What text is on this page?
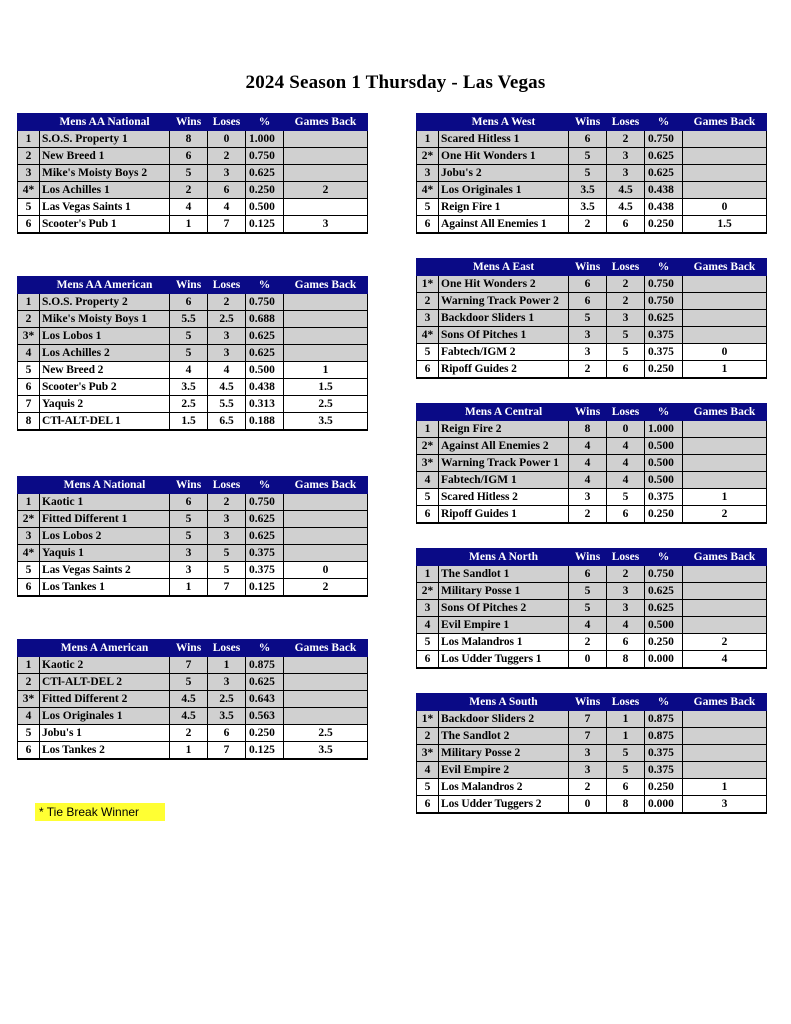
2024 Season 1 Thursday - Las Vegas
	Mens AA National	Wins	Loses	%	Games Back
1	S.O.S. Property 1	8	0	1.000	
2	New Breed 1	6	2	0.750	
3	Mike's Moisty Boys 2	5	3	0.625	
4*	Los Achilles 1	2	6	0.250	2
5	Las Vegas Saints 1	4	4	0.500	
6	Scooter's Pub 1	1	7	0.125	3
	Mens AA American	Wins	Loses	%	Games Back
1	S.O.S. Property 2	6	2	0.750	
2	Mike's Moisty Boys 1	5.5	2.5	0.688	
3*	Los Lobos 1	5	3	0.625	
4	Los Achilles 2	5	3	0.625	
5	New Breed 2	4	4	0.500	1
6	Scooter's Pub 2	3.5	4.5	0.438	1.5
7	Yaquis 2	2.5	5.5	0.313	2.5
8	CTl-ALT-DEL 1	1.5	6.5	0.188	3.5
	Mens A National	Wins	Loses	%	Games Back
1	Kaotic 1	6	2	0.750	
2*	Fitted Different 1	5	3	0.625	
3	Los Lobos 2	5	3	0.625	
4*	Yaquis 1	3	5	0.375	
5	Las Vegas Saints 2	3	5	0.375	0
6	Los Tankes 1	1	7	0.125	2
	Mens A American	Wins	Loses	%	Games Back
1	Kaotic 2	7	1	0.875	
2	CTl-ALT-DEL 2	5	3	0.625	
3*	Fitted Different 2	4.5	2.5	0.643	
4	Los Originales 1	4.5	3.5	0.563	
5	Jobu's 1	2	6	0.250	2.5
6	Los Tankes 2	1	7	0.125	3.5
	Mens A West	Wins	Loses	%	Games Back
1	Scared Hitless 1	6	2	0.750	
2*	One Hit Wonders 1	5	3	0.625	
3	Jobu's 2	5	3	0.625	
4*	Los Originales 1	3.5	4.5	0.438	
5	Reign Fire 1	3.5	4.5	0.438	0
6	Against All Enemies 1	2	6	0.250	1.5
	Mens A East	Wins	Loses	%	Games Back
1*	One Hit Wonders 2	6	2	0.750	
2	Warning Track Power 2	6	2	0.750	
3	Backdoor Sliders 1	5	3	0.625	
4*	Sons Of Pitches 1	3	5	0.375	
5	Fabtech/IGM 2	3	5	0.375	0
6	Ripoff Guides 2	2	6	0.250	1
	Mens A Central	Wins	Loses	%	Games Back
1	Reign Fire 2	8	0	1.000	
2*	Against All Enemies 2	4	4	0.500	
3*	Warning Track Power 1	4	4	0.500	
4	Fabtech/IGM 1	4	4	0.500	
5	Scared Hitless 2	3	5	0.375	1
6	Ripoff Guides 1	2	6	0.250	2
	Mens A North	Wins	Loses	%	Games Back
1	The Sandlot 1	6	2	0.750	
2*	Military Posse 1	5	3	0.625	
3	Sons Of Pitches 2	5	3	0.625	
4	Evil Empire 1	4	4	0.500	
5	Los Malandros 1	2	6	0.250	2
6	Los Udder Tuggers 1	0	8	0.000	4
	Mens A South	Wins	Loses	%	Games Back
1*	Backdoor Sliders 2	7	1	0.875	
2	The Sandlot 2	7	1	0.875	
3*	Military Posse 2	3	5	0.375	
4	Evil Empire 2	3	5	0.375	
5	Los Malandros 2	2	6	0.250	1
6	Los Udder Tuggers 2	0	8	0.000	3
* Tie Break Winner
